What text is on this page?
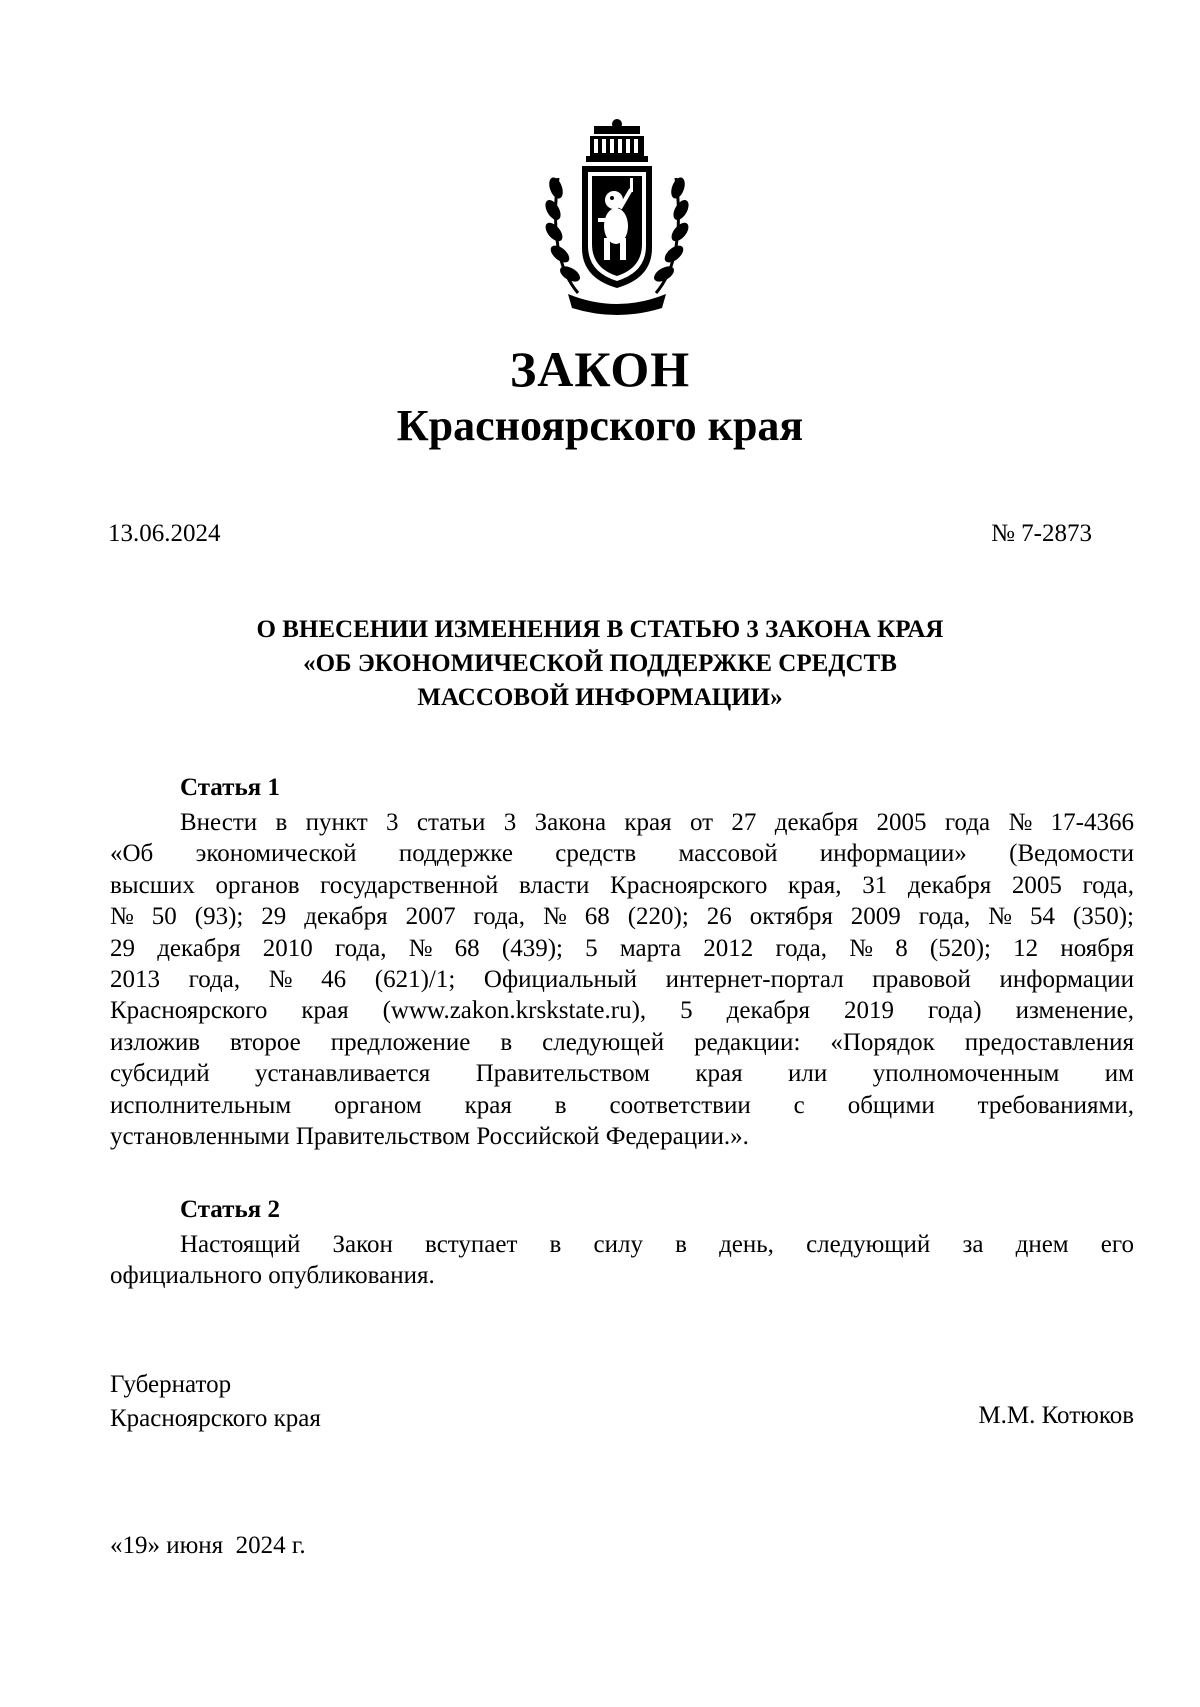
ЗАКОН
Красноярского края
13.06.2024	№ 7-2873
О ВНЕСЕНИИ ИЗМЕНЕНИЯ В СТАТЬЮ 3 ЗАКОНА КРАЯ
«ОБ ЭКОНОМИЧЕСКОЙ ПОДДЕРЖКЕ СРЕДСТВ
МАССОВОЙ ИНФОРМАЦИИ»
Статья 1
Внести в пункт 3 статьи 3 Закона края от 27 декабря 2005 года № 17-4366
«Об экономической поддержке средств массовой информации» (Ведомости
высших органов государственной власти Красноярского края, 31 декабря 2005 года,
№ 50 (93); 29 декабря 2007 года, № 68 (220); 26 октября 2009 года, № 54 (350);
29 декабря 2010 года, № 68 (439); 5 марта 2012 года, № 8 (520); 12 ноября
2013 года, № 46 (621)/1; Официальный интернет-портал правовой информации
Красноярского края (www.zakon.krskstate.ru), 5 декабря 2019 года) изменение,
изложив второе предложение в следующей редакции: «Порядок предоставления
субсидий устанавливается Правительством края или уполномоченным им
исполнительным органом края в соответствии с общими требованиями,
установленными Правительством Российской Федерации.».
Статья 2
Настоящий Закон вступает в силу в день, следующий за днем его
официального опубликования.
Губернатор
Красноярского края	М.М. Котюков
«19» июня  2024 г.
